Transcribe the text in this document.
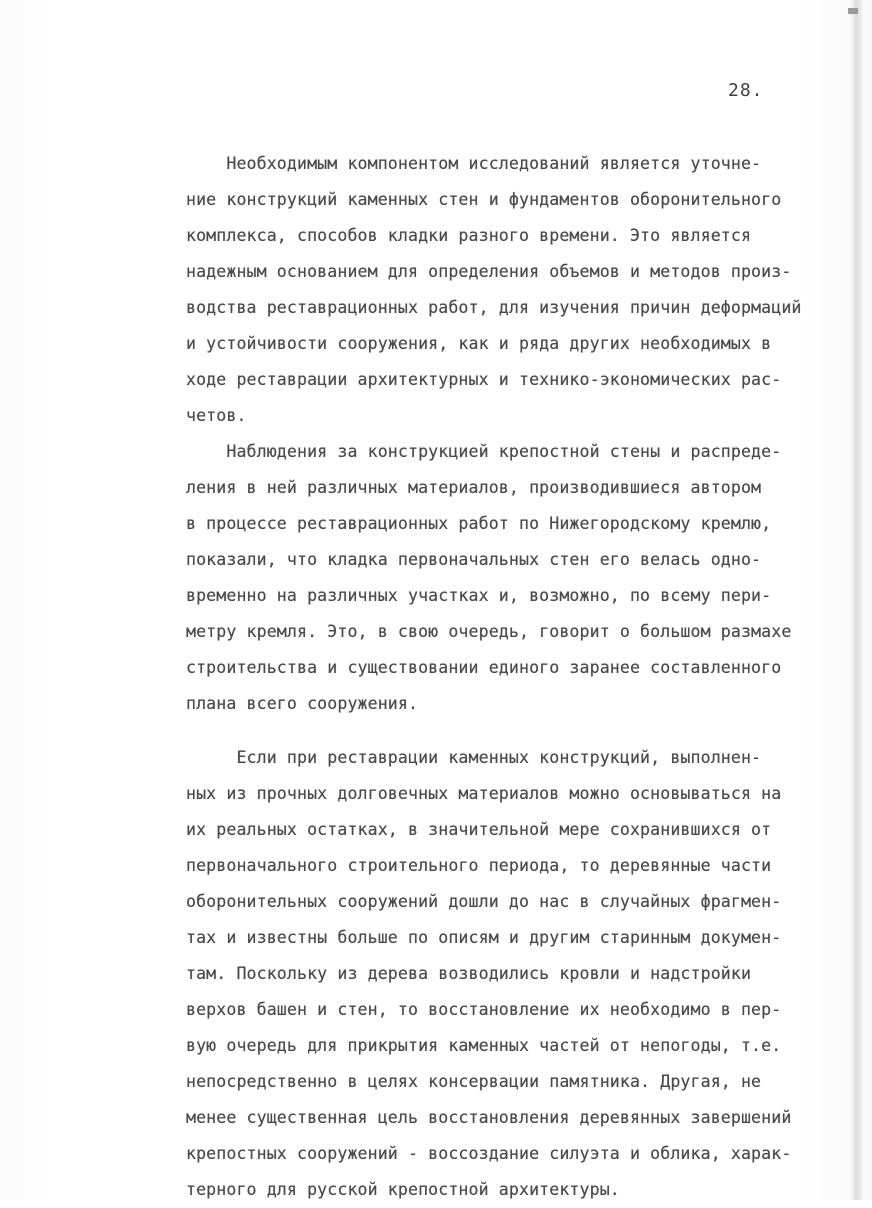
28.
Необходимым компонентом исследований является уточне-
ние конструкций каменных стен и фундаментов оборонительного
комплекса, способов кладки разного времени. Это является
надежным основанием для определения объемов и методов произ-
водства реставрационных работ, для изучения причин деформаций
и устойчивости сооружения, как и ряда других необходимых в
ходе реставрации архитектурных и технико-экономических рас-
четов.
Наблюдения за конструкцией крепостной стены и распреде-
ления в ней различных материалов, производившиеся автором
в процессе реставрационных работ по Нижегородскому кремлю,
показали, что кладка первоначальных стен его велась одно-
временно на различных участках и, возможно, по всему пери-
метру кремля. Это, в свою очередь, говорит о большом размахе
строительства и существовании единого заранее составленного
плана всего сооружения.
Если при реставрации каменных конструкций, выполнен-
ных из прочных долговечных материалов можно основываться на
их реальных остатках, в значительной мере сохранившихся от
первоначального строительного периода, то деревянные части
оборонительных сооружений дошли до нас в случайных фрагмен-
тах и известны больше по описям и другим старинным докумен-
там. Поскольку из дерева возводились кровли и надстройки
верхов башен и стен, то восстановление их необходимо в пер-
вую очередь для прикрытия каменных частей от непогоды, т.е.
непосредственно в целях консервации памятника. Другая, не
менее существенная цель восстановления деревянных завершений
крепостных сооружений - воссоздание силуэта и облика, харак-
терного для русской крепостной архитектуры.
